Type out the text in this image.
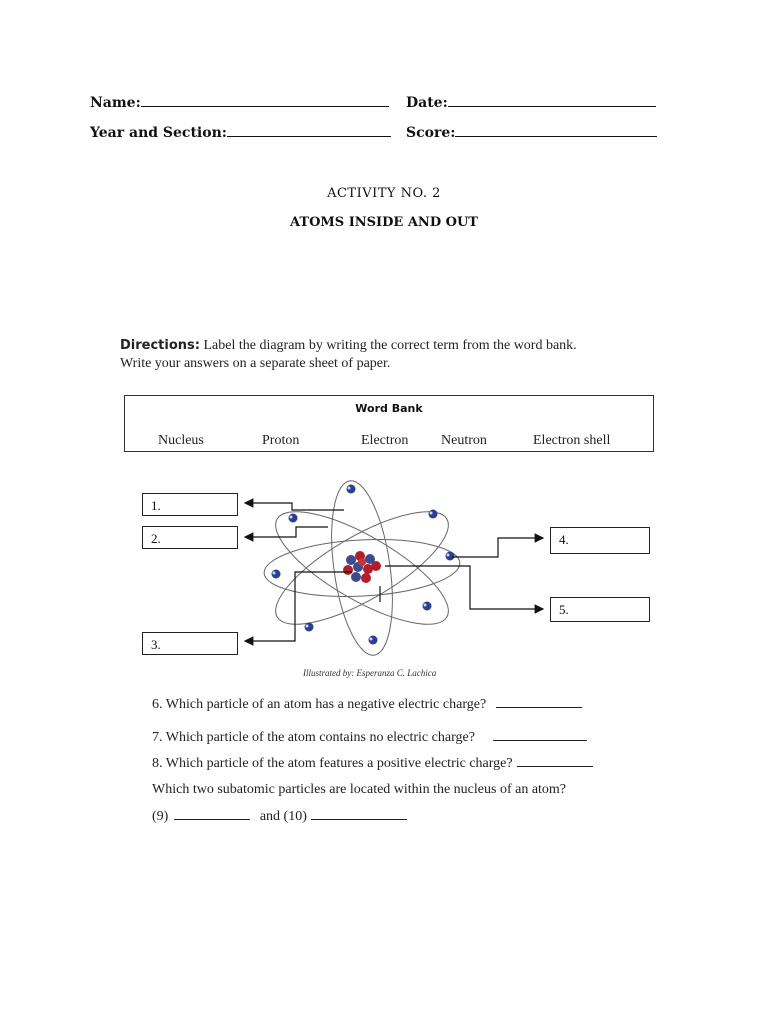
Name:	Date:
Year and Section:	Score:
ACTIVITY NO. 2
ATOMS INSIDE AND OUT
Directions: Label the diagram by writing the correct term from the word bank.
Write your answers on a separate sheet of paper.
Word Bank
Nucleus	Proton	Electron Neutron	Electron shell
1.
2.
3.
4.
5.
Illustrated by: Esperanza C. Lachica
6. Which particle of an atom has a negative electric charge?
7. Which particle of the atom contains no electric charge?
8. Which particle of the atom features a positive electric charge?
Which two subatomic particles are located within the nucleus of an atom?
(9)	and (10)
